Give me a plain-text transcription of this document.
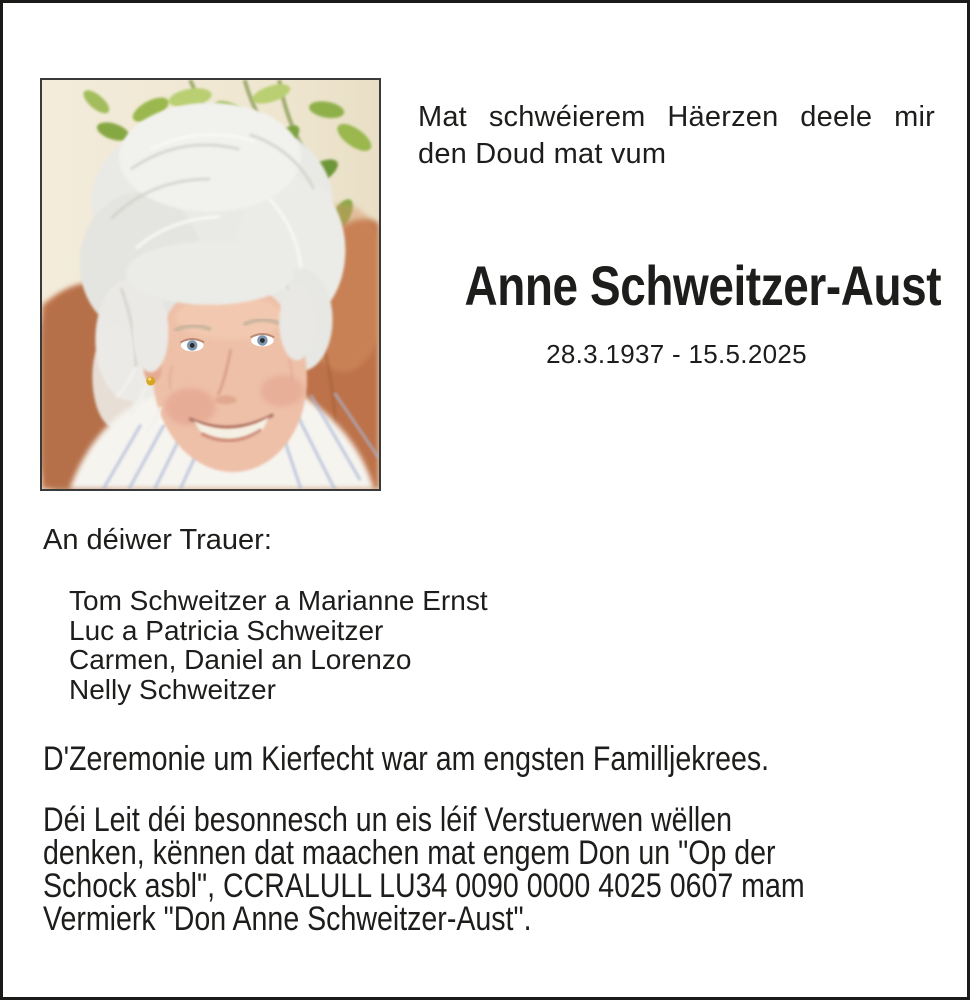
Mat schwéierem Häerzen deele mir
den Doud mat vum
Anne Schweitzer-Aust
28.3.1937 - 15.5.2025
An déiwer Trauer:
Tom Schweitzer a Marianne Ernst
Luc a Patricia Schweitzer
Carmen, Daniel an Lorenzo
Nelly Schweitzer
D'Zeremonie um Kierfecht war am engsten Familljekrees.
Déi Leit déi besonnesch un eis léif Verstuerwen wëllen
denken, kënnen dat maachen mat engem Don un "Op der
Schock asbl", CCRALULL LU34 0090 0000 4025 0607 mam
Vermierk "Don Anne Schweitzer-Aust".
